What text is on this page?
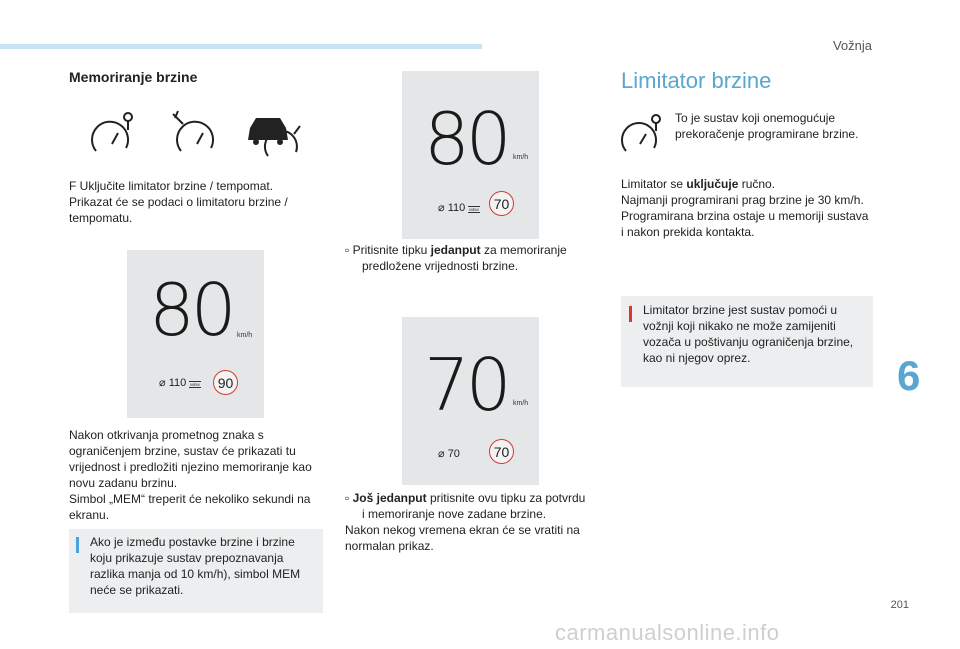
Vožnja
Memoriranje brzine
F Uključite limitator brzine / tempomat.
Prikazat će se podaci o limitatoru brzine /
tempomatu.
80 km/h
⌀ 110 MEM	90
Nakon otkrivanja prometnog znaka s
ograničenjem brzine, sustav će prikazati tu
vrijednost i predložiti njezino memoriranje kao
novu zadanu brzinu.
Simbol „MEM“ treperit će nekoliko sekundi na
ekranu.
Ako je između postavke brzine i brzine
koju prikazuje sustav prepoznavanja
razlika manja od 10 km/h), simbol MEM
neće se prikazati.
80 km/h
⌀ 110 MEM	70
▫ Pritisnite tipku jedanput za memoriranje
predložene vrijednosti brzine.
70 km/h
⌀ 70	70
▫ Još jedanput pritisnite ovu tipku za potvrdu
i memoriranje nove zadane brzine.
Nakon nekog vremena ekran će se vratiti na
normalan prikaz.
Limitator brzine
To je sustav koji onemogućuje
prekoračenje programirane brzine.
Limitator se uključuje ručno.
Najmanji programirani prag brzine je 30 km/h.
Programirana brzina ostaje u memoriji sustava
i nakon prekida kontakta.
Limitator brzine jest sustav pomoći u
vožnji koji nikako ne može zamijeniti
vozača u poštivanju ograničenja brzine,
kao ni njegov oprez.	6
201
carmanualsonline.info
